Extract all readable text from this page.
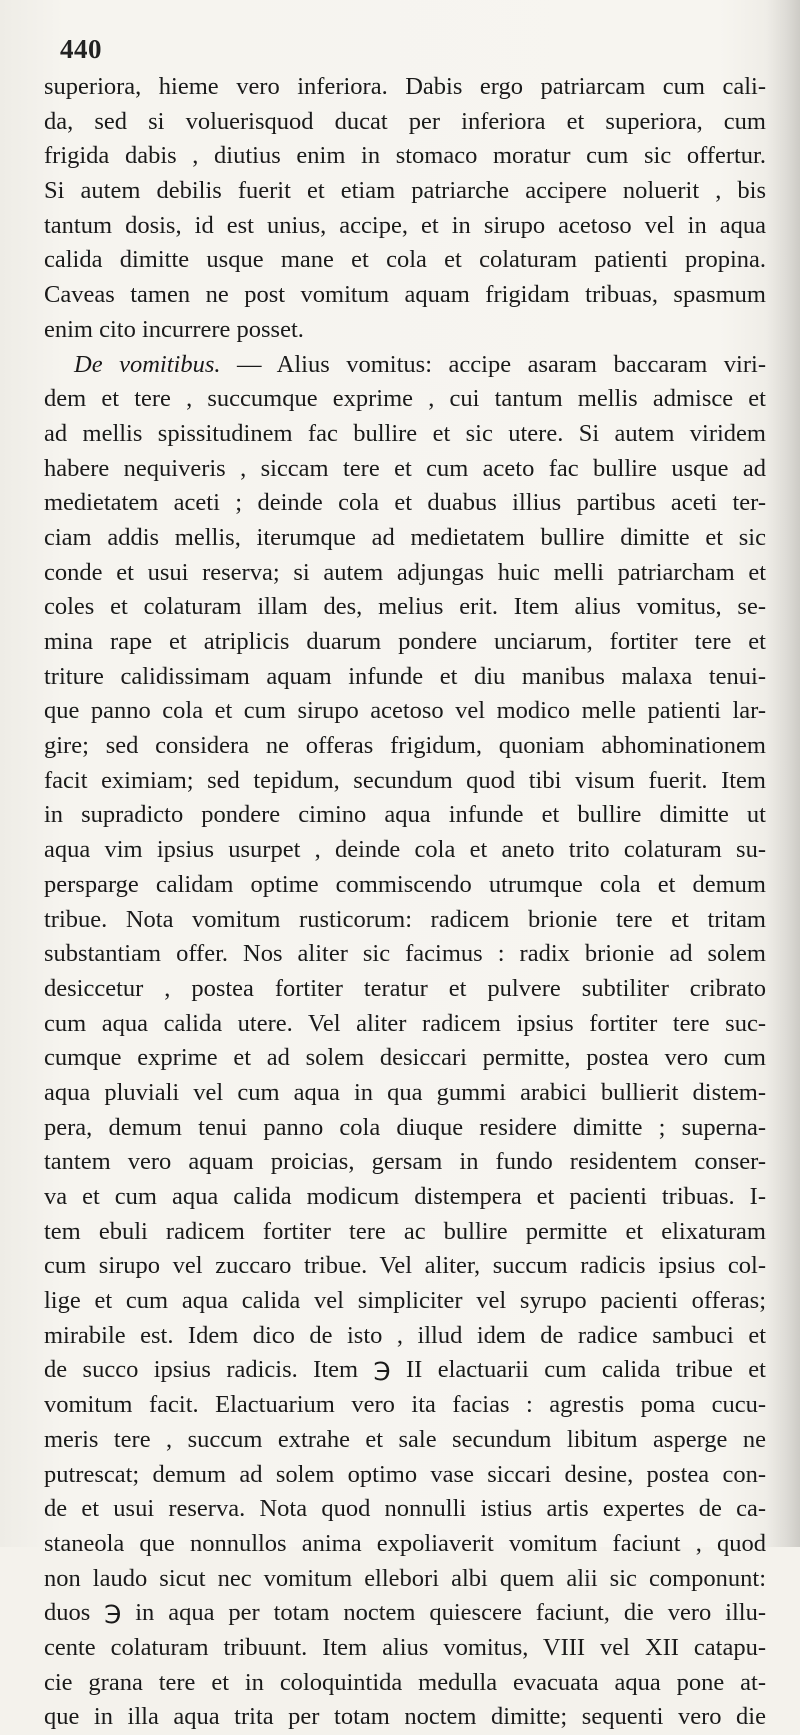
440
superiora, hieme vero inferiora. Dabis ergo patriarcam cum cali-
da, sed si voluerisquod ducat per inferiora et superiora, cum
frigida dabis , diutius enim in stomaco moratur cum sic offertur.
Si autem debilis fuerit et etiam patriarche accipere noluerit , bis
tantum dosis, id est unius, accipe, et in sirupo acetoso vel in aqua
calida dimitte usque mane et cola et colaturam patienti propina.
Caveas tamen ne post vomitum aquam frigidam tribuas, spasmum
enim cito incurrere posset.
De vomitibus. — Alius vomitus: accipe asaram baccaram viri-
dem et tere , succumque exprime , cui tantum mellis admisce et
ad mellis spissitudinem fac bullire et sic utere. Si autem viridem
habere nequiveris , siccam tere et cum aceto fac bullire usque ad
medietatem aceti ; deinde cola et duabus illius partibus aceti ter-
ciam addis mellis, iterumque ad medietatem bullire dimitte et sic
conde et usui reserva; si autem adjungas huic melli patriarcham et
coles et colaturam illam des, melius erit. Item alius vomitus, se-
mina rape et atriplicis duarum pondere unciarum, fortiter tere et
triture calidissimam aquam infunde et diu manibus malaxa tenui-
que panno cola et cum sirupo acetoso vel modico melle patienti lar-
gire; sed considera ne offeras frigidum, quoniam abhominationem
facit eximiam; sed tepidum, secundum quod tibi visum fuerit. Item
in supradicto pondere cimino aqua infunde et bullire dimitte ut
aqua vim ipsius usurpet , deinde cola et aneto trito colaturam su-
persparge calidam optime commiscendo utrumque cola et demum
tribue. Nota vomitum rusticorum: radicem brionie tere et tritam
substantiam offer. Nos aliter sic facimus : radix brionie ad solem
desiccetur , postea fortiter teratur et pulvere subtiliter cribrato
cum aqua calida utere. Vel aliter radicem ipsius fortiter tere suc-
cumque exprime et ad solem desiccari permitte, postea vero cum
aqua pluviali vel cum aqua in qua gummi arabici bullierit distem-
pera, demum tenui panno cola diuque residere dimitte ; superna-
tantem vero aquam proicias, gersam in fundo residentem conser-
va et cum aqua calida modicum distempera et pacienti tribuas. I-
tem ebuli radicem fortiter tere ac bullire permitte et elixaturam
cum sirupo vel zuccaro tribue. Vel aliter, succum radicis ipsius col-
lige et cum aqua calida vel simpliciter vel syrupo pacienti offeras;
mirabile est. Idem dico de isto , illud idem de radice sambuci et
de succo ipsius radicis. Item ℈ II elactuarii cum calida tribue et
vomitum facit. Elactuarium vero ita facias : agrestis poma cucu-
meris tere , succum extrahe et sale secundum libitum asperge ne
putrescat; demum ad solem optimo vase siccari desine, postea con-
de et usui reserva. Nota quod nonnulli istius artis expertes de ca-
staneola que nonnullos anima expoliaverit vomitum faciunt , quod
non laudo sicut nec vomitum ellebori albi quem alii sic componunt:
duos ℈ in aqua per totam noctem quiescere faciunt, die vero illu-
cente colaturam tribuunt. Item alius vomitus, VIII vel XII catapu-
cie grana tere et in coloquintida medulla evacuata aqua pone at-
que in illa aqua trita per totam noctem dimitte; sequenti vero die
